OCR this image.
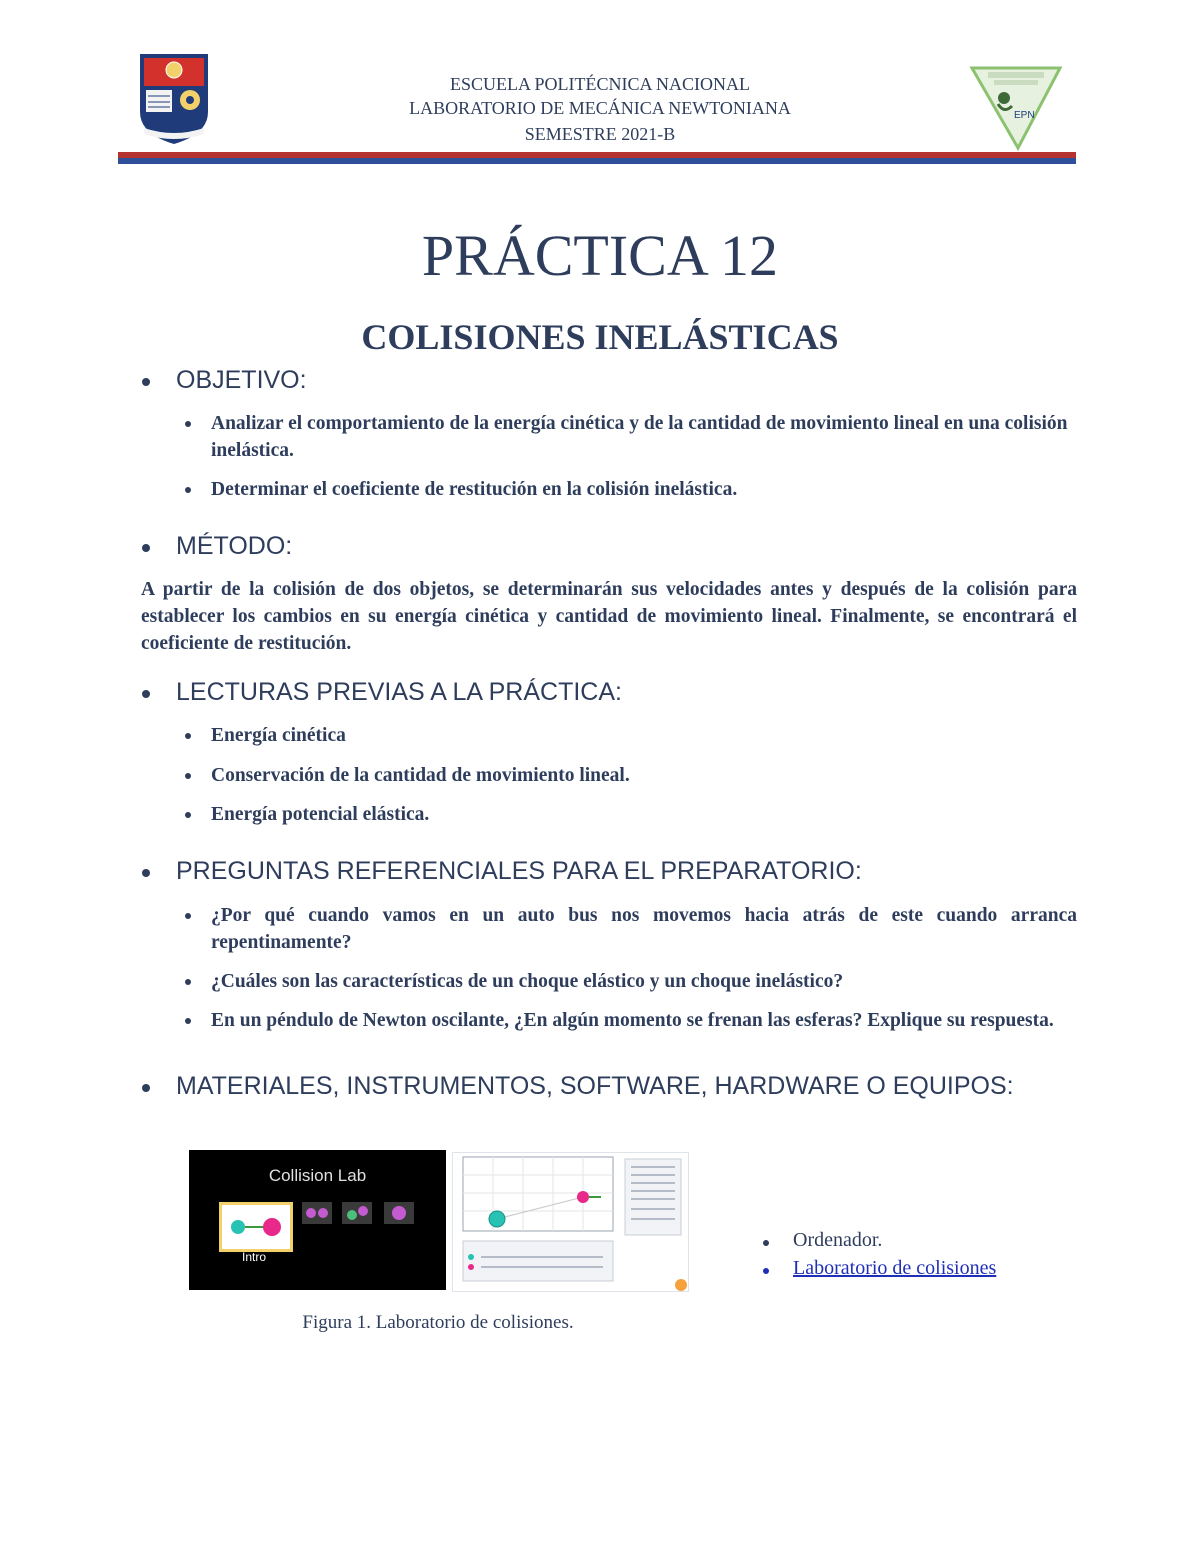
ESCUELA POLITÉCNICA NACIONAL
LABORATORIO DE MECÁNICA NEWTONIANA
SEMESTRE 2021-B
EPN
PRÁCTICA 12
COLISIONES INELÁSTICAS
OBJETIVO:
Analizar el comportamiento de la energía cinética y de la cantidad de movimiento lineal en una colisión inelástica.
Determinar el coeficiente de restitución en la colisión inelástica.
MÉTODO:
A partir de la colisión de dos objetos, se determinarán sus velocidades antes y después de la colisión para establecer los cambios en su energía cinética y cantidad de movimiento lineal. Finalmente, se encontrará el coeficiente de restitución.
LECTURAS PREVIAS A LA PRÁCTICA:
Energía cinética
Conservación de la cantidad de movimiento lineal.
Energía potencial elástica.
PREGUNTAS REFERENCIALES PARA EL PREPARATORIO:
¿Por qué cuando vamos en un auto bus nos movemos hacia atrás de este cuando arranca repentinamente?
¿Cuáles son las características de un choque elástico y un choque inelástico?
En un péndulo de Newton oscilante, ¿En algún momento se frenan las esferas? Explique su respuesta.
MATERIALES, INSTRUMENTOS, SOFTWARE, HARDWARE O EQUIPOS:
Collision Lab
Intro
Figura 1. Laboratorio de colisiones.
Ordenador.
Laboratorio de colisiones
